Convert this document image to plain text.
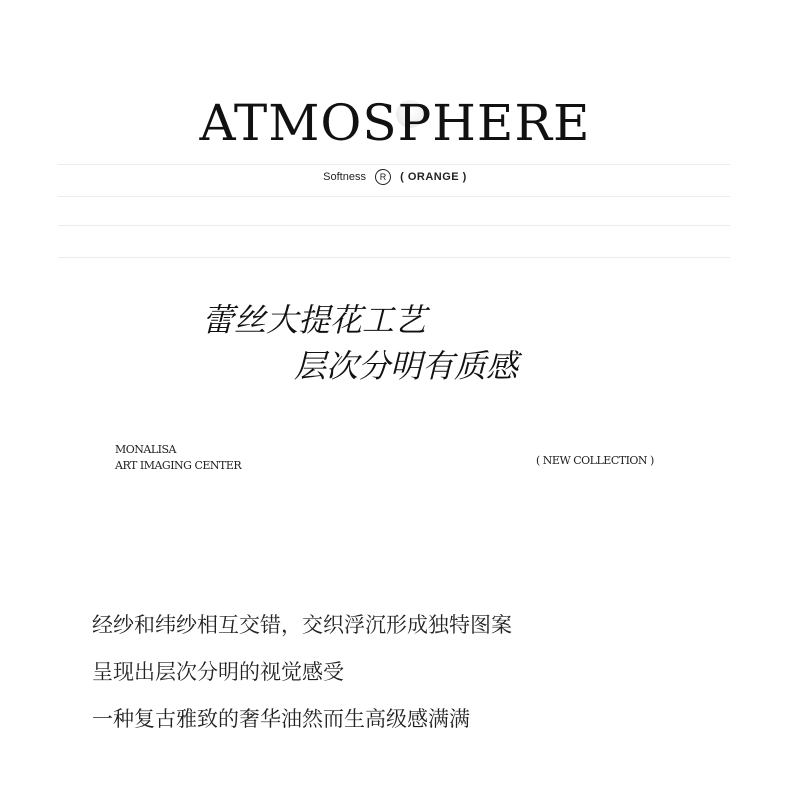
ATMOSPHERE
Softness R ( ORANGE )
蕾丝大提花工艺
层次分明有质感
MONALISA
ART IMAGING CENTER	( NEW COLLECTION )
经纱和纬纱相互交错，交织浮沉形成独特图案
呈现出层次分明的视觉感受
一种复古雅致的奢华油然而生高级感满满
